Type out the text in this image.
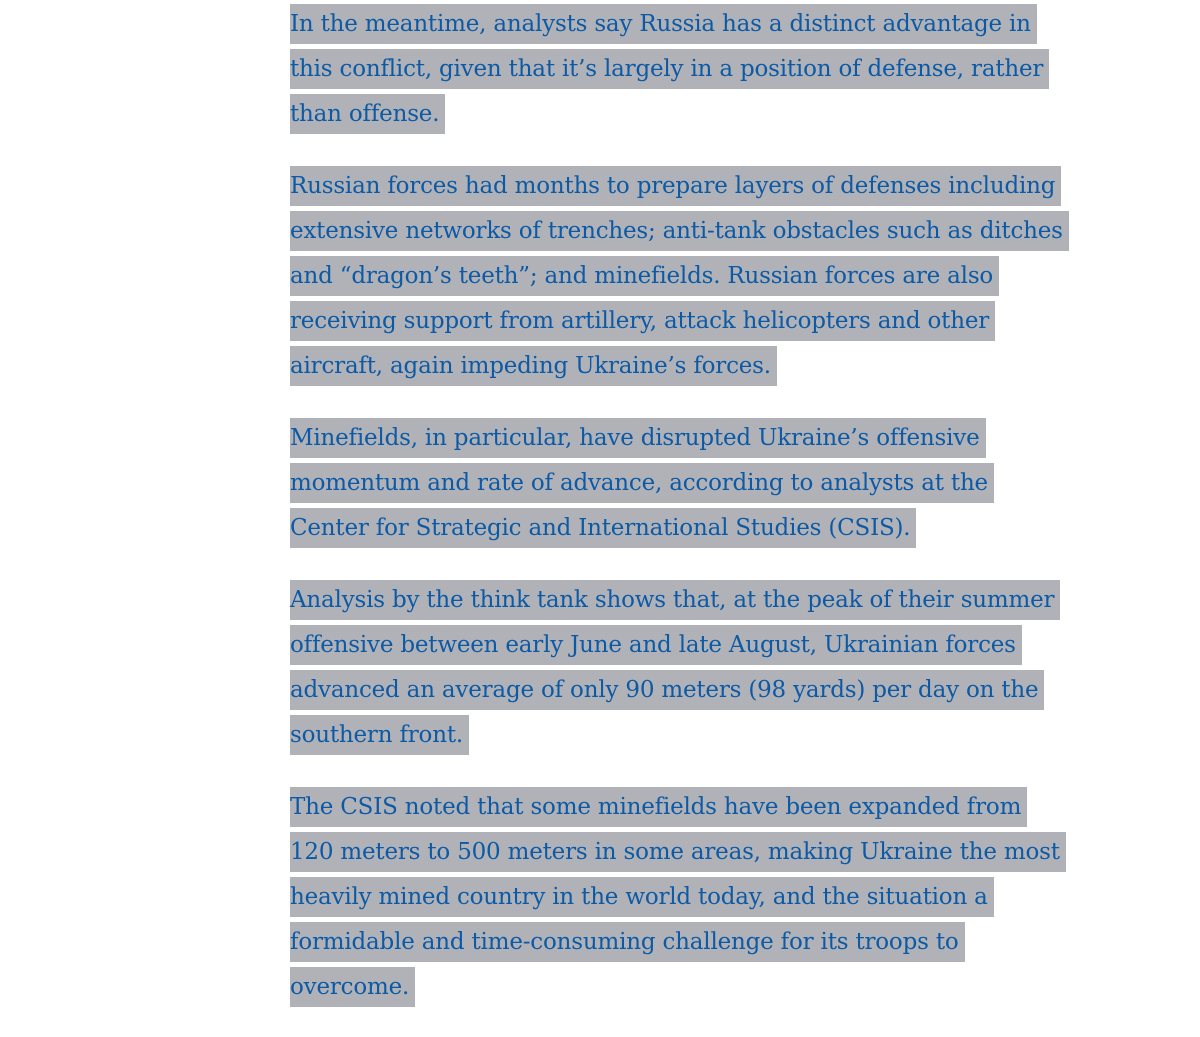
In the meantime, analysts say Russia has a distinct advantage in this conflict, given that it’s largely in a position of defense, rather than offense.

Russian forces had months to prepare layers of defenses including extensive networks of trenches; anti-tank obstacles such as ditches and “dragon’s teeth”; and minefields. Russian forces are also receiving support from artillery, attack helicopters and other aircraft, again impeding Ukraine’s forces.

Minefields, in particular, have disrupted Ukraine’s offensive momentum and rate of advance, according to analysts at the Center for Strategic and International Studies (CSIS).

Analysis by the think tank shows that, at the peak of their summer offensive between early June and late August, Ukrainian forces advanced an average of only 90 meters (98 yards) per day on the southern front.

The CSIS noted that some minefields have been expanded from 120 meters to 500 meters in some areas, making Ukraine the most heavily mined country in the world today, and the situation a formidable and time-consuming challenge for its troops to overcome.
